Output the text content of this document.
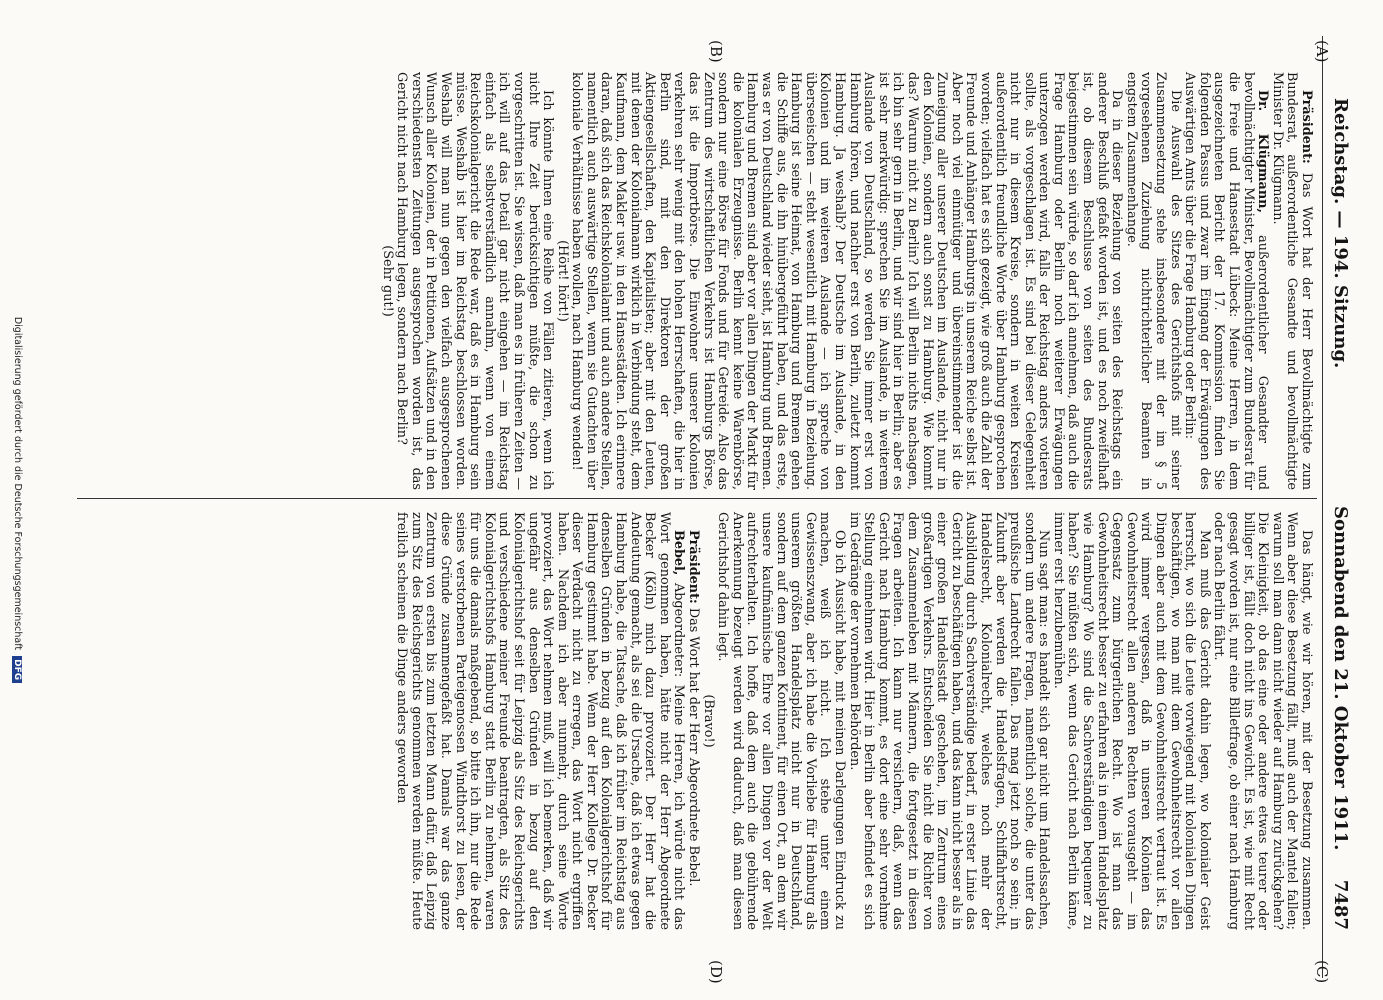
Reichstag. — 194. Sitzung.
Sonnabend den 21. Oktober 1911.
7487
(A)
(B)
(C)
(D)

Präsident: Das Wort hat der Herr Bevollmächtigte zum Bundesrat, außerordentliche Gesandte und bevollmächtigte Minister Dr. Klügmann.

Dr. Klügmann, außerordentlicher Gesandter und bevollmächtigter Minister, Bevollmächtigter zum Bundesrat für die Freie und Hansestadt Lübeck: Meine Herren, in dem ausgezeichneten Bericht der 17. Kommission finden Sie folgenden Passus und zwar im Eingang der Erwägungen des Auswärtigen Amts über die Frage Hamburg oder Berlin:

Die Auswahl des Sitzes des Gerichtshofs mit seiner Zusammensetzung stehe insbesondere mit der im § 5 vorgesehenen Zuziehung nichtrichterlicher Beamten in engstem Zusammenhange.

Da in dieser Beziehung von seiten des Reichstags ein anderer Beschluß gefaßt worden ist, und es noch zweifelhaft ist, ob diesem Beschlusse von seiten des Bundesrats beigestimmen sein würde, so darf ich annehmen, daß auch die Frage Hamburg oder Berlin noch weiterer Erwägungen unterzogen werden wird, falls der Reichstag anders votieren sollte, als vorgeschlagen ist. Es sind bei dieser Gelegenheit nicht nur in diesem Kreise, sondern in weiten Kreisen außerordentlich freundliche Worte über Hamburg gesprochen worden; vielfach hat es sich gezeigt, wie groß auch die Zahl der Freunde und Anhänger Hamburgs in unserem Reiche selbst ist. Aber noch viel einmütiger und übereinstimmender ist die Zuneigung aller unserer Deutschen im Auslande, nicht nur in den Kolonien, sondern auch sonst zu Hamburg. Wie kommt das? Warum nicht zu Berlin? Ich will Berlin nichts nachsagen, ich bin sehr gern in Berlin, und wir sind hier in Berlin; aber es ist sehr merkwürdig: sprechen Sie im Auslande, in weiterem Auslande von Deutschland, so werden Sie immer erst von Hamburg hören, und nachher erst von Berlin, zuletzt kommt Hamburg. Ja weshalb? Der Deutsche im Auslande, in den Kolonien und im weiteren Auslande — ich spreche von überseeischen — steht wesentlich mit Hamburg in Beziehung. Hamburg ist seine Heimat, von Hamburg und Bremen gehen die Schiffe aus, die ihn hinübergeführt haben, und das erste, was er von Deutschland wieder sieht, ist Hamburg und Bremen. Hamburg und Bremen sind aber vor allen Dingen der Markt für die kolonialen Erzeugnisse. Berlin kennt keine Warenbörse, sondern nur eine Börse für Fonds und für Getreide. Also das Zentrum des wirtschaftlichen Verkehrs ist Hamburgs Börse, das ist die Importbörse. Die Einwohner unserer Kolonien verkehren sehr wenig mit den hohen Herrschaften, die hier in Berlin sind, mit den Direktoren der großen Aktiengesellschaften, den Kapitalisten; aber mit den Leuten, mit denen der Kolonialmann wirklich in Verbindung steht, dem Kaufmann, dem Makler usw. in den Hansestädten. Ich erinnere daran, daß sich das Reichskolonialamt und auch andere Stellen, namentlich auch auswärtige Stellen, wenn sie Gutachten über koloniale Verhältnisse haben wollen, nach Hamburg wenden!

(Hört! hört!)

Ich könnte Ihnen eine Reihe von Fällen zitieren, wenn ich nicht Ihre Zeit berücksichtigen müßte, die schon zu vorgeschritten ist. Sie wissen, daß man es in früheren Zeiten — ich will auf das Detail gar nicht eingehen — im Reichstag einfach als selbstverständlich annahm, wenn von einem Reichskolonialgericht die Rede war, daß es in Hamburg sein müsse. Weshalb ist hier im Reichstag beschlossen worden. Weshalb will man nun gegen den vielfach ausgesprochenen Wunsch aller Kolonien, der in Petitionen, Aufsätzen und in den verschiedensten Zeitungen ausgesprochen worden ist, das Gericht nicht nach Hamburg legen, sondern nach Berlin?

(Sehr gut!)

Das hängt, wie wir hören, mit der Besetzung zusammen. Wenn aber diese Besetzung fällt, muß auch der Mantel fallen; warum soll man dann nicht wieder auf Hamburg zurückgehen? Die Kleinigkeit, ob das eine oder andere etwas teurer oder billiger ist, fällt doch nicht ins Gewicht. Es ist, wie mit Recht gesagt worden ist, nur eine Billetfrage, ob einer nach Hamburg oder nach Berlin fährt.

Man muß das Gericht dahin legen, wo kolonialer Geist herrscht, wo sich die Leute vorwiegend mit kolonialen Dingen beschäftigen, wo man mit dem Gewohnheitsrecht vor allen Dingen aber auch mit dem Gewohnheitsrecht vertraut ist. Es wird immer vergessen, daß in unseren Kolonien das Gewohnheitsrecht allen anderen Rechten vorausgeht — im Gegensatz zum bürgerlichen Recht. Wo ist man das Gewohnheitsrecht besser zu erfahren als in einem Handelsplatz wie Hamburg? Wo sind die Sachverständigen bequemer zu haben? Sie müßten sich, wenn das Gericht nach Berlin käme, immer erst herzubemühen.

Nun sagt man: es handelt sich gar nicht um Handelssachen, sondern um andere Fragen, namentlich solche, die unter das preußische Landrecht fallen. Das mag jetzt noch so sein; in Zukunft aber werden die Handelsfragen, Schiffahrtsrecht, Handelsrecht, Kolonialrecht, welches noch mehr der Ausbildung durch Sachverständige bedarf, in erster Linie das Gericht zu beschäftigen haben, und das kann nicht besser als in einer großen Handelsstadt geschehen, im Zentrum eines großartigen Verkehrs. Entscheiden Sie nicht die Richter von dem Zusammenleben mit Männern, die fortgesetzt in diesen Fragen arbeiten. Ich kann nur versichern, daß, wenn das Gericht nach Hamburg kommt, es dort eine sehr vornehme Stellung einnehmen wird. Hier in Berlin aber befindet es sich im Gedränge der vornehmen Behörden.

Ob ich Aussicht habe, mit meinen Darlegungen Eindruck zu machen, weiß ich nicht. Ich stehe unter einem Gewissenszwang, aber ich habe die Vorliebe für Hamburg als unserem größten Handelsplatz nicht nur in Deutschland, sondern auf dem ganzen Kontinent, für einen Ort, an dem wir unsere kaufmännische Ehre vor allen Dingen vor der Welt aufrechterhalten. Ich hoffe, daß dem auch die gebührende Anerkennung bezeugt werden wird dadurch, daß man diesen Gerichtshof dahin legt.

(Bravo!)

Präsident: Das Wort hat der Herr Abgeordnete Bebel.

Bebel, Abgeordneter: Meine Herren, ich würde nicht das Wort genommen haben, hätte nicht der Herr Abgeordnete Becker (Köln) mich dazu provoziert. Der Herr hat die Andeutung gemacht, als sei die Ursache, daß ich etwas gegen Hamburg habe, die Tatsache, daß ich früher im Reichstag aus denselben Gründen in bezug auf den Kolonialgerichtshof für Hamburg gestimmt habe. Wenn der Herr Kollege Dr. Becker dieser Verdacht nicht zu erregen, das Wort nicht ergriffen haben. Nachdem ich aber nunmehr, durch seine Worte provoziert, das Wort nehmen muß, will ich bemerken, daß wir ungefähr aus denselben Gründen in bezug auf den Kolonialgerichtshof seit für Leipzig als Sitz des Reichsgerichts und verschiedene meiner Freunde beantragten, als Sitz des Kolonialgerichtshofs Hamburg statt Berlin zu nehmen, waren für uns die damals maßgebend, so bitte ich ihn, nur die Rede seines verstorbenen Parteigenossen Windthorst zu lesen, der diese Gründe zusammengefaßt hat. Damals war das ganze Zentrum von ersten bis zum letzten Mann dafür, daß Leipzig zum Sitz des Reichsgerichts genommen werden müßte. Heute freilich scheinen die Dinge anders geworden

Digitalisierung gefördert durch die Deutsche ForschungsgemeinschaftDFG
